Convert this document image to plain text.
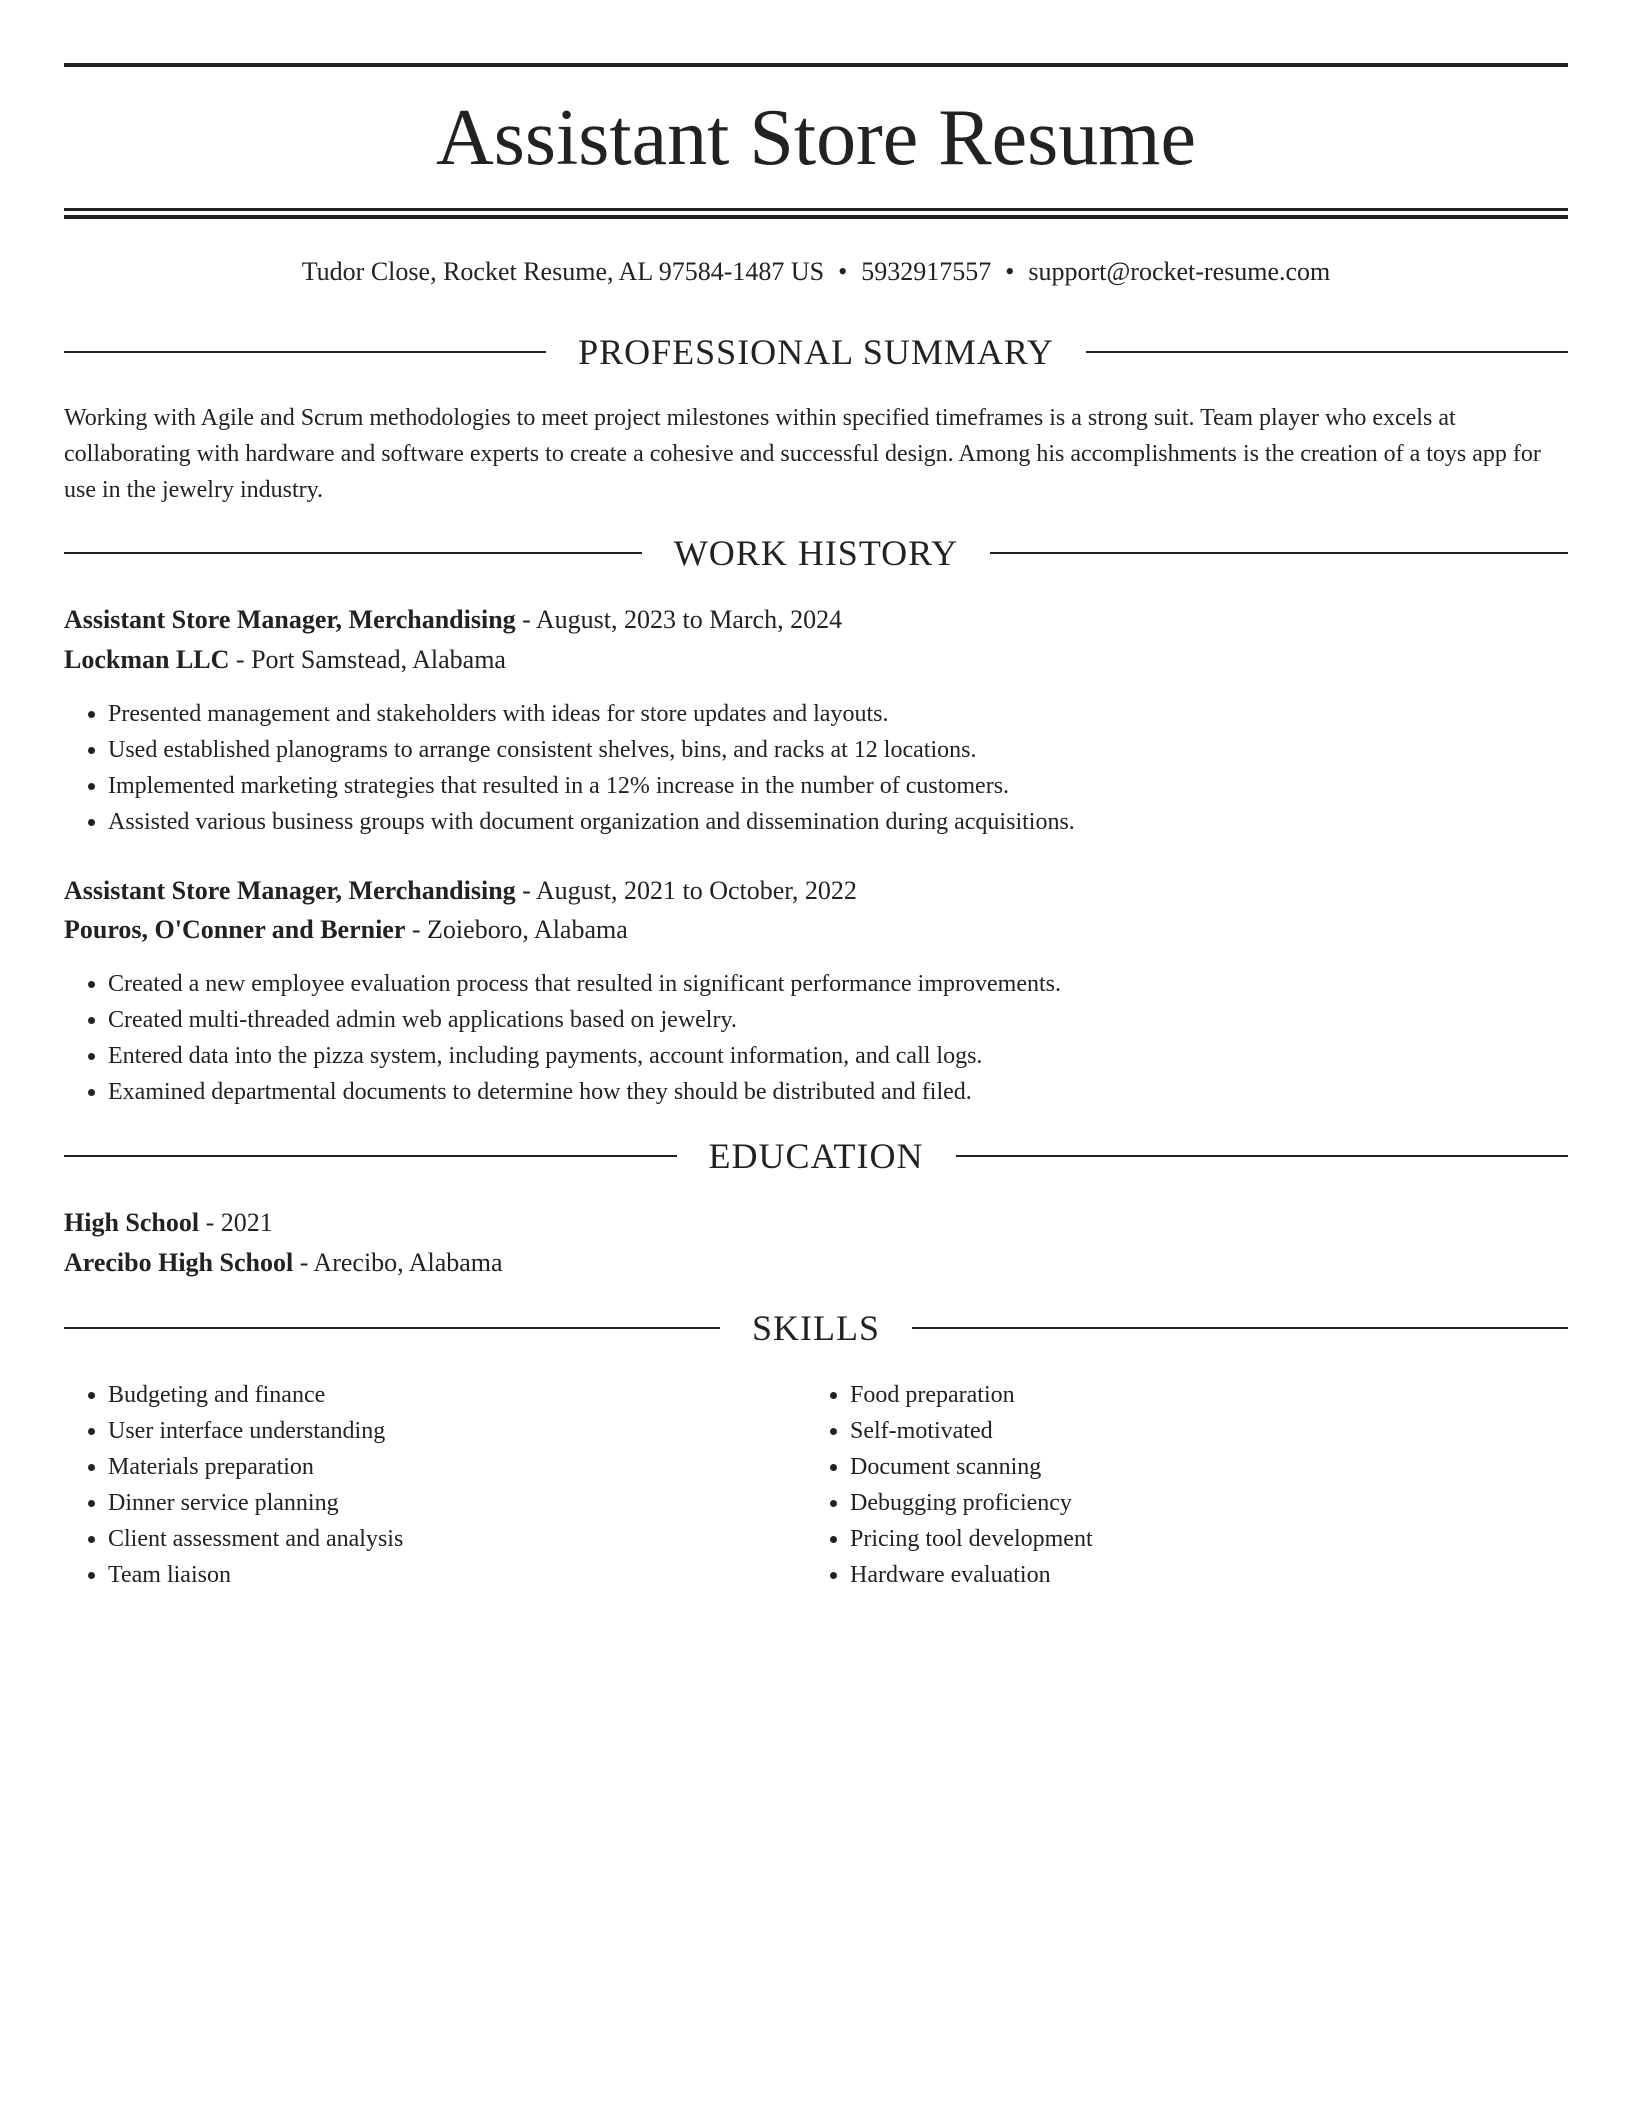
Assistant Store Resume
Tudor Close, Rocket Resume, AL 97584-1487 US • 5932917557 • support@rocket-resume.com
PROFESSIONAL SUMMARY

Working with Agile and Scrum methodologies to meet project milestones within specified timeframes is a strong suit. Team player who excels at collaborating with hardware and software experts to create a cohesive and successful design. Among his accomplishments is the creation of a toys app for use in the jewelry industry.

WORK HISTORY
Assistant Store Manager, Merchandising - August, 2023 to March, 2024
Lockman LLC - Port Samstead, Alabama
• Presented management and stakeholders with ideas for store updates and layouts.
• Used established planograms to arrange consistent shelves, bins, and racks at 12 locations.
• Implemented marketing strategies that resulted in a 12% increase in the number of customers.
• Assisted various business groups with document organization and dissemination during acquisitions.
Assistant Store Manager, Merchandising - August, 2021 to October, 2022
Pouros, O'Conner and Bernier - Zoieboro, Alabama
• Created a new employee evaluation process that resulted in significant performance improvements.
• Created multi-threaded admin web applications based on jewelry.
• Entered data into the pizza system, including payments, account information, and call logs.
• Examined departmental documents to determine how they should be distributed and filed.
EDUCATION
High School - 2021
Arecibo High School - Arecibo, Alabama
SKILLS
• Budgeting and finance
• User interface understanding
• Materials preparation
• Dinner service planning
• Client assessment and analysis
• Team liaison
• Food preparation
• Self-motivated
• Document scanning
• Debugging proficiency
• Pricing tool development
• Hardware evaluation
